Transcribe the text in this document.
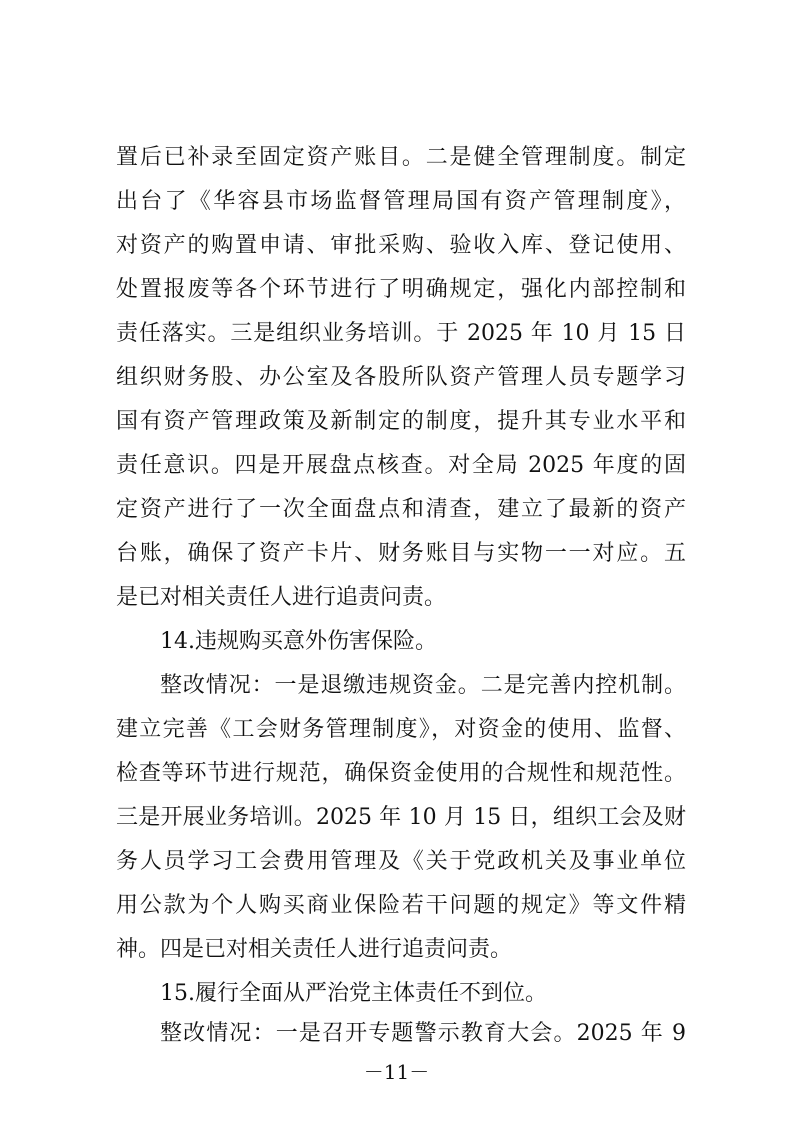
置后已补录至固定资产账目。二是健全管理制度。制定
出台了《华容县市场监督管理局国有资产管理制度》，
对资产的购置申请、审批采购、验收入库、登记使用、
处置报废等各个环节进行了明确规定，强化内部控制和
责任落实。三是组织业务培训。于 2025 年 10 月 15 日
组织财务股、办公室及各股所队资产管理人员专题学习
国有资产管理政策及新制定的制度，提升其专业水平和
责任意识。四是开展盘点核查。对全局 2025 年度的固
定资产进行了一次全面盘点和清查，建立了最新的资产
台账，确保了资产卡片、财务账目与实物一一对应。五
是已对相关责任人进行追责问责。
14.违规购买意外伤害保险。
整改情况：一是退缴违规资金。二是完善内控机制。
建立完善《工会财务管理制度》，对资金的使用、监督、
检查等环节进行规范，确保资金使用的合规性和规范性。
三是开展业务培训。2025 年 10 月 15 日，组织工会及财
务人员学习工会费用管理及《关于党政机关及事业单位
用公款为个人购买商业保险若干问题的规定》等文件精
神。四是已对相关责任人进行追责问责。
15.履行全面从严治党主体责任不到位。
整改情况：一是召开专题警示教育大会。2025 年 9
－11－
